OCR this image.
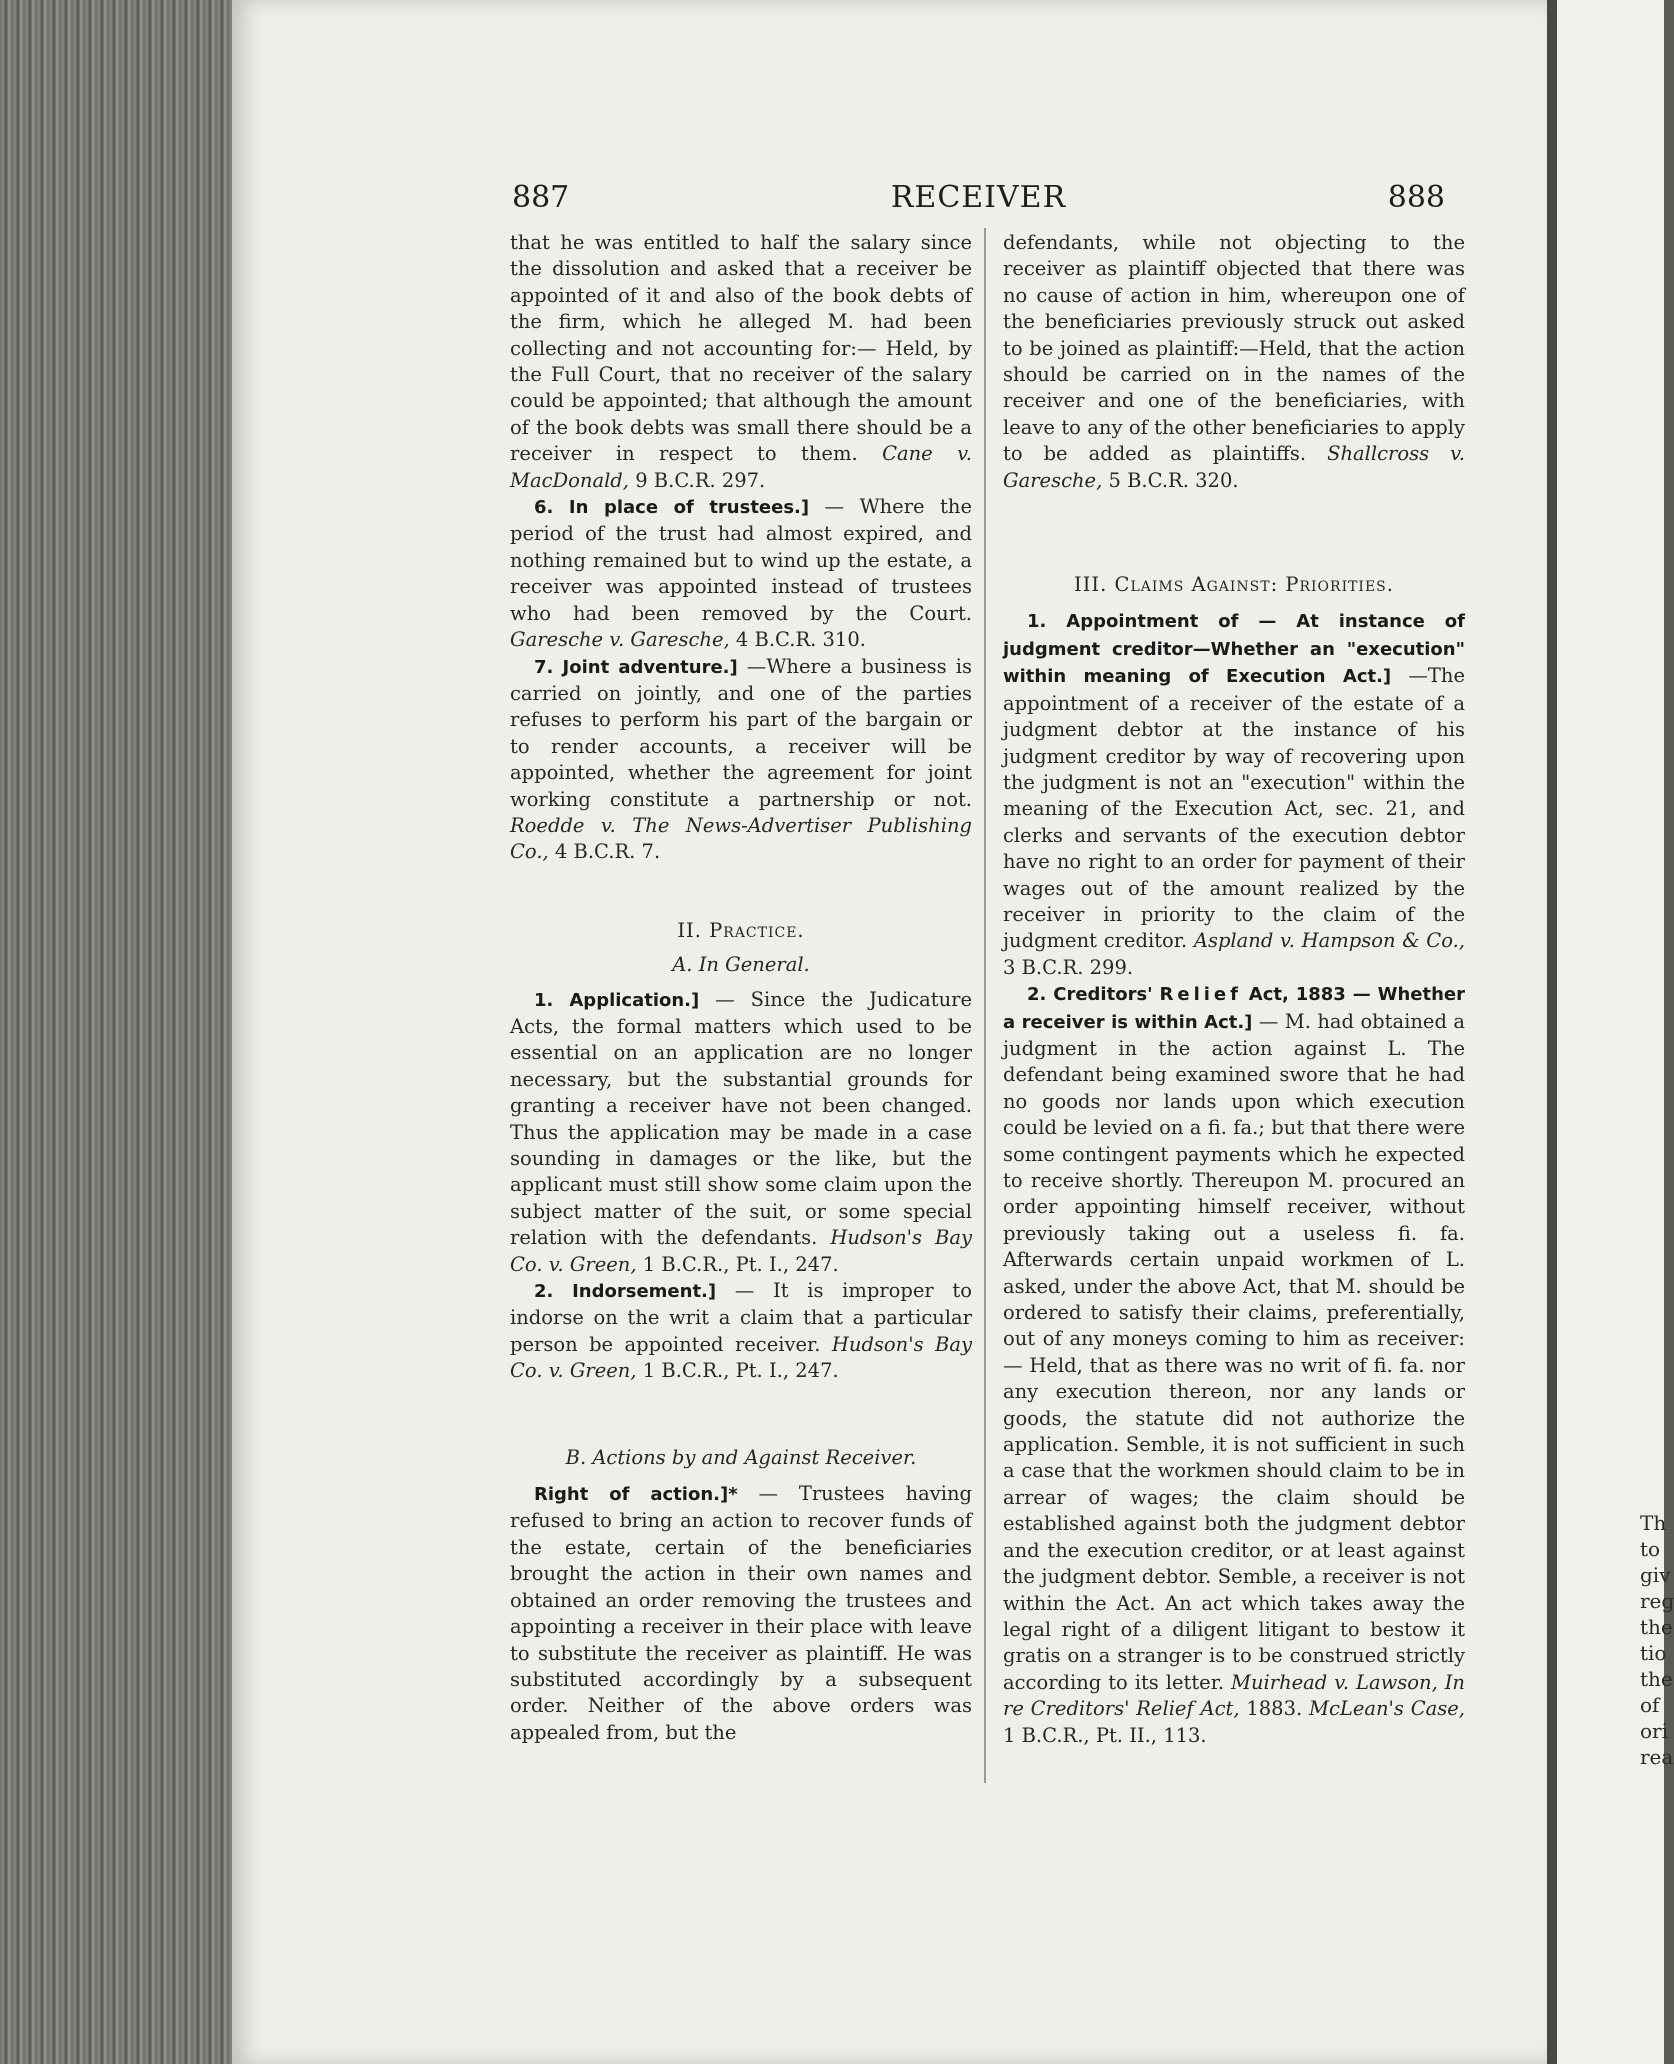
Th
to
giv
reg
the
tio
the
of
ori
rea
887	RECEIVER	888

that he was entitled to half the salary since the dissolution and asked that a receiver be appointed of it and also of the book debts of the firm, which he alleged M. had been collecting and not accounting for:— Held, by the Full Court, that no receiver of the salary could be appointed; that although the amount of the book debts was small there should be a receiver in respect to them. Cane v. MacDonald, 9 B.C.R. 297.

6. In place of trustees.] — Where the period of the trust had almost expired, and nothing remained but to wind up the estate, a receiver was appointed instead of trustees who had been removed by the Court. Garesche v. Garesche, 4 B.C.R. 310.

7. Joint adventure.] —Where a business is carried on jointly, and one of the parties refuses to perform his part of the bargain or to render accounts, a receiver will be appointed, whether the agreement for joint working constitute a partnership or not. Roedde v. The News-Advertiser Publishing Co., 4 B.C.R. 7.

II. Practice.

A. In General.

1. Application.] — Since the Judicature Acts, the formal matters which used to be essential on an application are no longer necessary, but the substantial grounds for granting a receiver have not been changed. Thus the application may be made in a case sounding in damages or the like, but the applicant must still show some claim upon the subject matter of the suit, or some special relation with the defendants. Hudson's Bay Co. v. Green, 1 B.C.R., Pt. I., 247.

2. Indorsement.] — It is improper to indorse on the writ a claim that a particular person be appointed receiver. Hudson's Bay Co. v. Green, 1 B.C.R., Pt. I., 247.

B. Actions by and Against Receiver.

Right of action.]* — Trustees having refused to bring an action to recover funds of the estate, certain of the beneficiaries brought the action in their own names and obtained an order removing the trustees and appointing a receiver in their place with leave to substitute the receiver as plaintiff. He was substituted accordingly by a subsequent order. Neither of the above orders was appealed from, but the

defendants, while not objecting to the receiver as plaintiff objected that there was no cause of action in him, whereupon one of the beneficiaries previously struck out asked to be joined as plaintiff:—Held, that the action should be carried on in the names of the receiver and one of the beneficiaries, with leave to any of the other beneficiaries to apply to be added as plaintiffs. Shallcross v. Garesche, 5 B.C.R. 320.

III. Claims Against: Priorities.

1. Appointment of — At instance of judgment creditor—Whether an "execution" within meaning of Execution Act.] —The appointment of a receiver of the estate of a judgment debtor at the instance of his judgment creditor by way of recovering upon the judgment is not an "execution" within the meaning of the Execution Act, sec. 21, and clerks and servants of the execution debtor have no right to an order for payment of their wages out of the amount realized by the receiver in priority to the claim of the judgment creditor. Aspland v. Hampson & Co., 3 B.C.R. 299.

2. Creditors' Relief Act, 1883 — Whether a receiver is within Act.] — M. had obtained a judgment in the action against L. The defendant being examined swore that he had no goods nor lands upon which execution could be levied on a fi. fa.; but that there were some contingent payments which he expected to receive shortly. Thereupon M. procured an order appointing himself receiver, without previously taking out a useless fi. fa. Afterwards certain unpaid workmen of L. asked, under the above Act, that M. should be ordered to satisfy their claims, preferentially, out of any moneys coming to him as receiver:— Held, that as there was no writ of fi. fa. nor any execution thereon, nor any lands or goods, the statute did not authorize the application. Semble, it is not sufficient in such a case that the workmen should claim to be in arrear of wages; the claim should be established against both the judgment debtor and the execution creditor, or at least against the judgment debtor. Semble, a receiver is not within the Act. An act which takes away the legal right of a diligent litigant to bestow it gratis on a stranger is to be construed strictly according to its letter. Muirhead v. Lawson, In re Creditors' Relief Act, 1883. McLean's Case, 1 B.C.R., Pt. II., 113.
